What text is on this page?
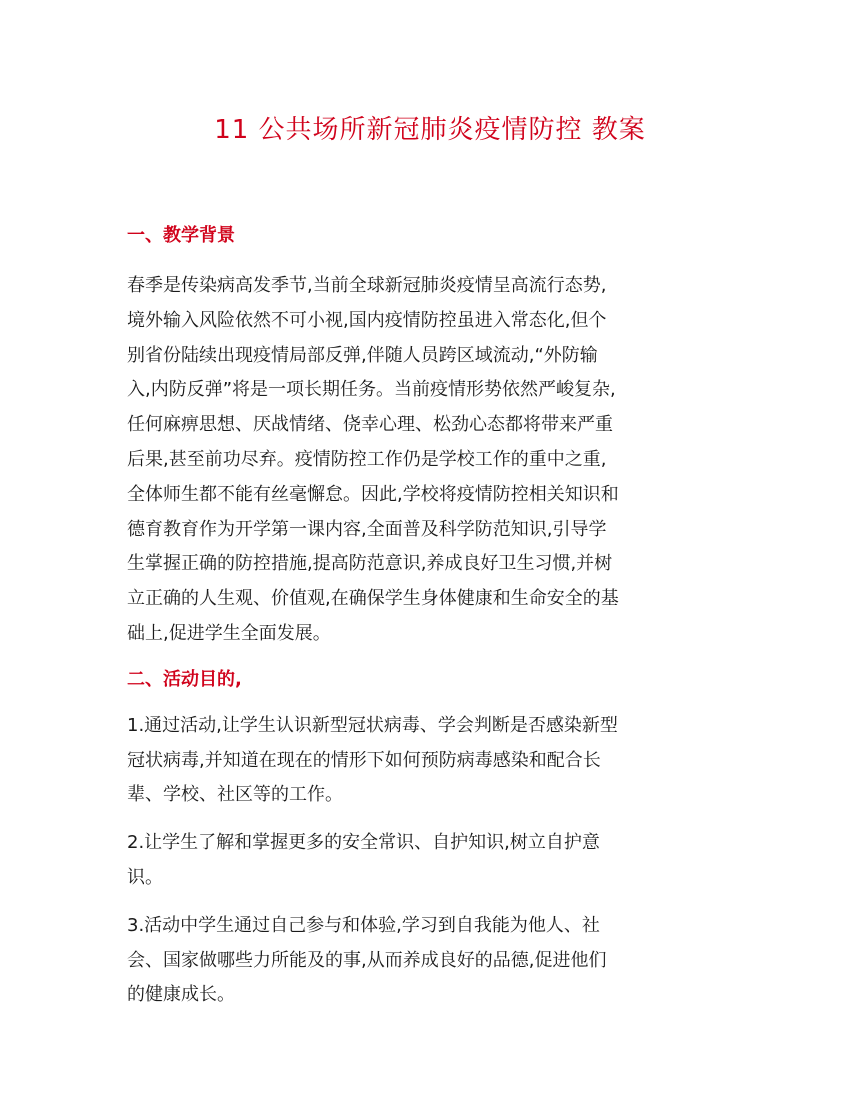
11 公共场所新冠肺炎疫情防控 教案
一、教学背景

春季是传染病高发季节,当前全球新冠肺炎疫情呈高流行态势,
境外输入风险依然不可小视,国内疫情防控虽进入常态化,但个
别省份陆续出现疫情局部反弹,伴随人员跨区域流动,“外防输
入,内防反弹”将是一项长期任务。当前疫情形势依然严峻复杂,
任何麻痹思想、厌战情绪、侥幸心理、松劲心态都将带来严重
后果,甚至前功尽弃。疫情防控工作仍是学校工作的重中之重,
全体师生都不能有丝毫懈怠。因此,学校将疫情防控相关知识和
德育教育作为开学第一课内容,全面普及科学防范知识,引导学
生掌握正确的防控措施,提高防范意识,养成良好卫生习惯,并树
立正确的人生观、价值观,在确保学生身体健康和生命安全的基
础上,促进学生全面发展。

二、活动目的,

1.通过活动,让学生认识新型冠状病毒、学会判断是否感染新型
冠状病毒,并知道在现在的情形下如何预防病毒感染和配合长
辈、学校、社区等的工作。

2.让学生了解和掌握更多的安全常识、自护知识,树立自护意
识。

3.活动中学生通过自己参与和体验,学习到自我能为他人、社
会、国家做哪些力所能及的事,从而养成良好的品德,促进他们
的健康成长。
